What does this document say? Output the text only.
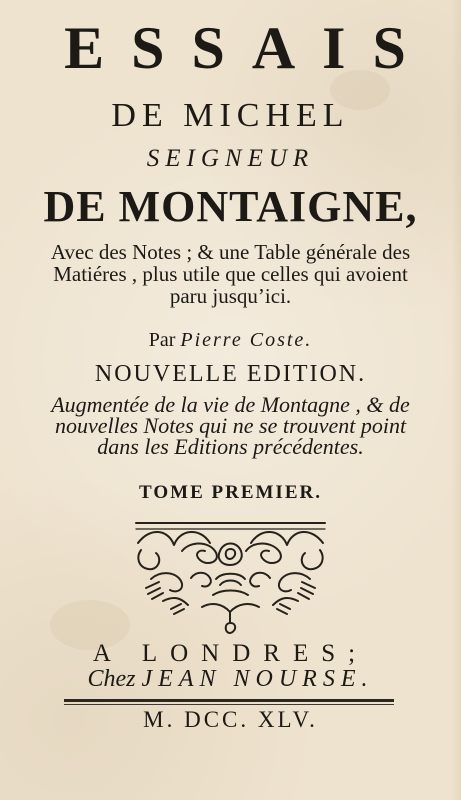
ESSAIS
DE MICHEL
SEIGNEUR
DE MONTAIGNE,
Avec des Notes ; & une Table générale des Matiéres , plus utile que celles qui avoient paru jusqu’ici.
Par Pierre Coste.
NOUVELLE EDITION.
Augmentée de la vie de Montagne , & de nouvelles Notes qui ne se trouvent point dans les Editions précédentes.
TOME PREMIER.
A LONDRES;
Chez JEAN NOURSE.
M. DCC. XLV.
